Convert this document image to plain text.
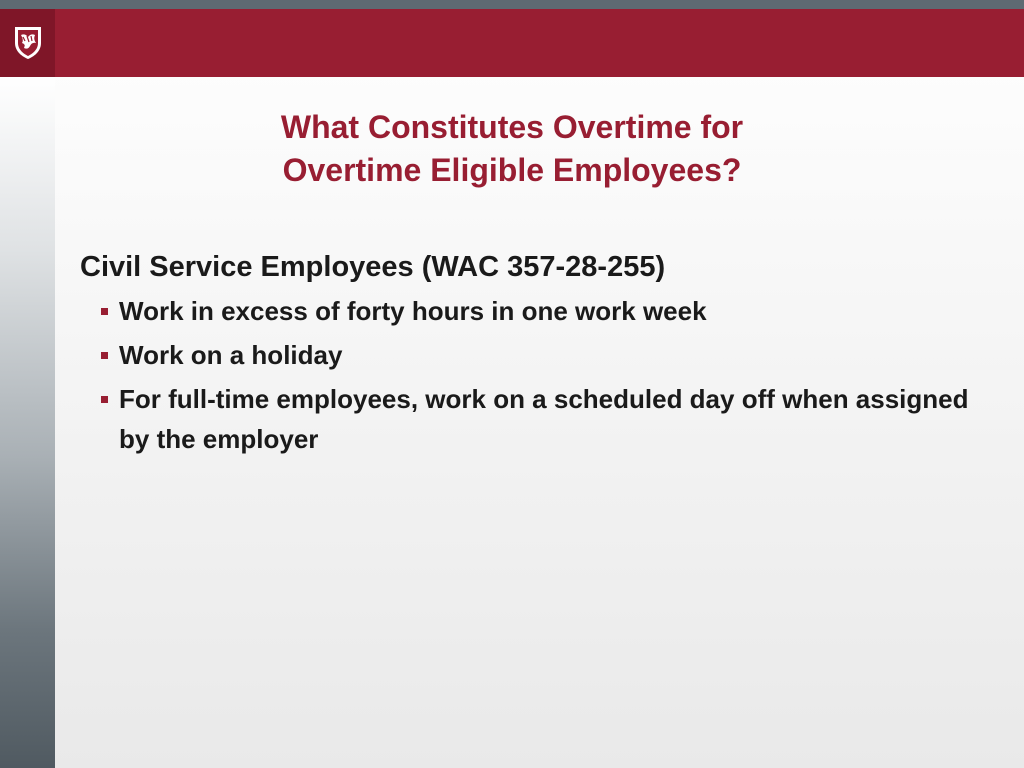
What Constitutes Overtime for
Overtime Eligible Employees?
Civil Service Employees (WAC 357-28-255)
Work in excess of forty hours in one work week
Work on a holiday
For full-time employees, work on a scheduled day off when assigned by the employer
